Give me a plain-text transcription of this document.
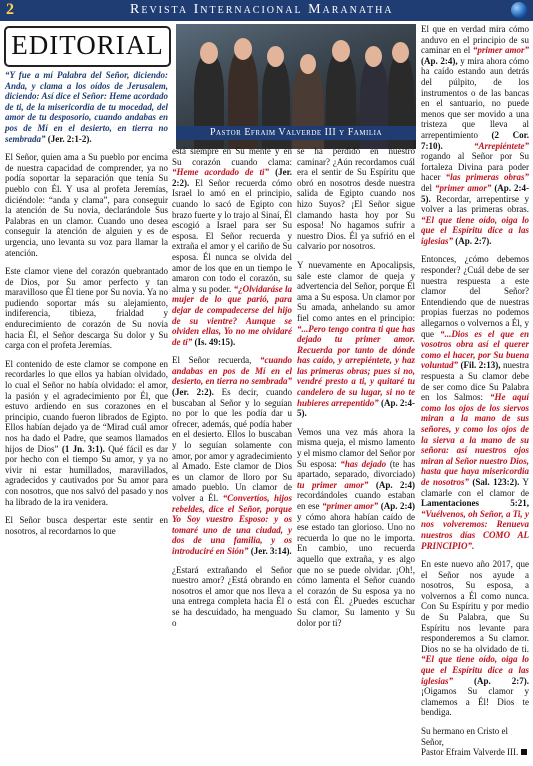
2	Revista Internacional Maranatha
EDITORIAL
Pastor Efraim Valverde III y Familia

“Y fue a mí Palabra del Señor, diciendo: Anda, y clama a los oídos de Jerusalem, diciendo: Así dice el Señor: Heme acordado de ti, de la misericordia de tu mocedad, del amor de tu desposorio, cuando andabas en pos de Mí en el desierto, en tierra no sembrada” (Jer. 2:1-2).

El Señor, quien ama a Su pueblo por encima de nuestra capacidad de comprender, ya no podía soportar la separación que tenía Su pueblo con Él. Y usa al profeta Jeremías, diciéndole: “anda y clama”, para conseguir la atención de Su novia, declarándole Sus Palabras en un clamor. Cuando uno desea conseguir la atención de alguien y es de urgencia, uno levanta su voz para llamar la atención.

Este clamor viene del corazón quebrantado de Dios, por Su amor perfecto y tan maravilloso que Él tiene por Su novia. Ya no pudiendo soportar más su alejamiento, indiferencia, tibieza, frialdad y endurecimiento de corazón de Su novia hacia Él, el Señor descarga Su dolor y Su carga con el profeta Jeremías.

El contenido de este clamor se compone en recordarles lo que ellos ya habían olvidado, lo cual el Señor no había olvidado: el amor, la pasión y el agradecimiento por Él, que estuvo ardiendo en sus corazones en el principio, cuando fueron librados de Egipto. Ellos habían dejado ya de “Mirad cuál amor nos ha dado el Padre, que seamos llamados hijos de Dios” (1 Jn. 3:1). Qué fácil es dar por hecho con el tiempo Su amor, y ya no vivir ni estar humillados, maravillados, agradecidos y cautivados por Su amor para con nosotros, que nos salvó del pasado y nos ha librado de la ira venidera.

El Señor busca despertar este sentir en nosotros, al recordarnos lo que

está siempre en Su mente y en Su corazón cuando clama: “Heme acordado de ti” (Jer. 2:2). El Señor recuerda cómo Israel lo amó en el principio, cuando lo sacó de Egipto con brazo fuerte y lo trajo al Sinaí, Él escogió a Israel para ser Su esposa. El Señor recuerda y extraña el amor y el cariño de Su esposa. Él nunca se olvida del amor de los que en un tiempo le amaron con todo el corazón, su alma y su poder. “¿Olvidaráse la mujer de lo que parió, para dejar de compadecerse del hijo de su vientre? Aunque se olviden ellas, Yo no me olvidaré de ti” (Is. 49:15).

El Señor recuerda, “cuando andabas en pos de Mí en el desierto, en tierra no sembrada” (Jer. 2:2). Es decir, cuando buscaban al Señor y lo seguían no por lo que les podía dar u ofrecer, además, qué podía haber en el desierto. Ellos lo buscaban y lo seguían solamente con amor, por amor y agradecimiento al Amado. Este clamor de Dios es un clamor de lloro por Su amado pueblo. Un clamor de volver a Él. “Convertíos, hijos rebeldes, dice el Señor, porque Yo Soy vuestro Esposo: y os tomaré uno de una ciudad, y dos de una familia, y os introduciré en Sión” (Jer. 3:14).

¿Estará extrañando el Señor nuestro amor? ¿Está obrando en nosotros el amor que nos lleva a una entrega completa hacia Él o se ha descuidado, ha menguado o

se ha perdido en nuestro caminar? ¿Aún recordamos cuál era el sentir de Su Espíritu que obró en nosotros desde nuestra salida de Egipto cuando nos hizo Suyos? ¡El Señor sigue clamando hasta hoy por Su esposa! No hagamos sufrir a nuestro Dios. Él ya sufrió en el calvario por nosotros.

Y nuevamente en Apocalipsis, sale este clamor de queja y advertencia del Señor, porque Él ama a Su esposa. Un clamor por Su amada, anhelando su amor fiel como antes en el principio: “...Pero tengo contra ti que has dejado tu primer amor. Recuerda por tanto de dónde has caído, y arrepiéntete, y haz las primeras obras; pues si no, vendré presto a ti, y quitaré tu candelero de su lugar, si no te hubieres arrepentido” (Ap. 2:4-5).

Vemos una vez más ahora la misma queja, el mismo lamento y el mismo clamor del Señor por Su esposa: “has dejado (te has apartado, separado, divorciado) tu primer amor” (Ap. 2:4) recordándoles cuando estaban en ese “primer amor” (Ap. 2:4) y cómo ahora habían caído de ese estado tan glorioso. Uno no recuerda lo que no le importa. En cambio, uno recuerda aquello que extraña, y es algo que no se puede olvidar. ¡Oh!, cómo lamenta el Señor cuando el corazón de Su esposa ya no está con Él. ¿Puedes escuchar Su clamor, Su lamento y Su dolor por ti?

El que en verdad mira cómo anduvo en el principio de su caminar en el “primer amor” (Ap. 2:4), y mira ahora cómo ha caído estando aun detrás del púlpito, de los instrumentos o de las bancas en el santuario, no puede menos que ser movido a una tristeza que lleva al arrepentimiento (2 Cor. 7:10).	“Arrepiéntete” rogando al Señor por Su fortaleza Divina para poder hacer “las primeras obras” del “primer amor” (Ap. 2:4-5). Recordar, arrepentirse y volver a las primeras obras. “El que tiene oído, oiga lo que el Espíritu dice a las iglesias” (Ap. 2:7).

Entonces, ¿cómo debemos responder? ¿Cuál debe de ser nuestra respuesta a este clamor del Señor? Entendiendo que de nuestras propias fuerzas no podemos allegarnos o volvernos a Él, y que “...Dios es el que en vosotros obra así el querer como el hacer, por Su buena voluntad” (Fil. 2:13), nuestra respuesta a Su clamor debe de ser como dice Su Palabra en los Salmos: “He aquí como los ojos de los siervos miran a la mano de sus señores, y como los ojos de la sierva a la mano de su señora: así nuestros ojos miran al Señor nuestro Dios, hasta que haya misericordia de nosotros” (Sal. 123:2). Y clamarle con el clamor de Lamentaciones 5:21, “Vuélvenos, oh Señor, a Ti, y nos volveremos: Renueva nuestros días COMO AL PRINCIPIO”.

En este nuevo año 2017, que el Señor nos ayude a nosotros, Su esposa, a volvernos a Él como nunca. Con Su Espíritu y por medio de Su Palabra, que Su Espíritu nos levante para responderemos a Su clamor. Dios no se ha olvidado de ti. “El que tiene oído, oiga lo que el Espíritu dice a las iglesias” (Ap. 2:7). ¡Oigamos Su clamor y clamemos a Él! Dios te bendiga.

Su hermano en Cristo el Señor,
Pastor Efraim Valverde III.
